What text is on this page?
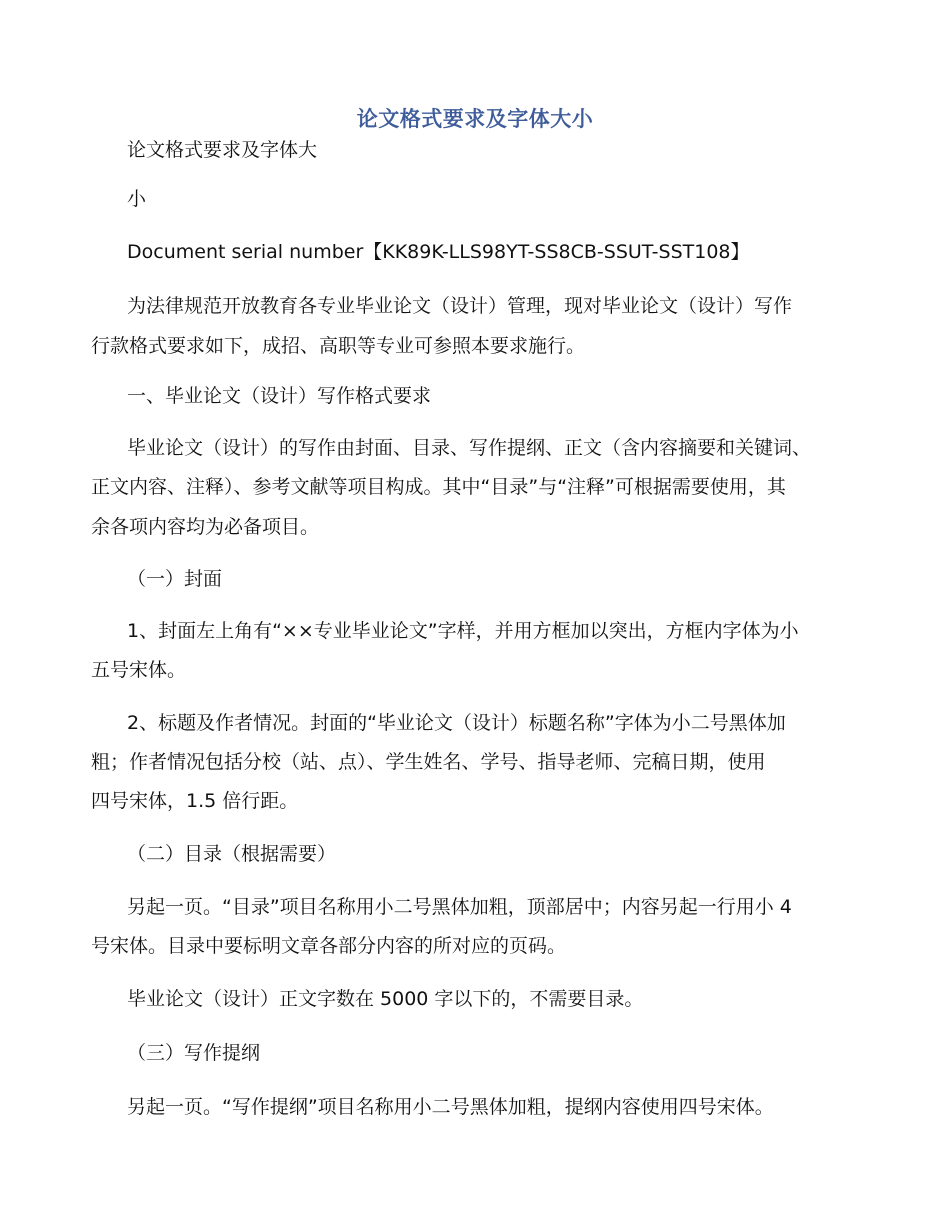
论文格式要求及字体大小
论文格式要求及字体大
小
Document serial number【KK89K-LLS98YT-SS8CB-SSUT-SST108】
为法律规范开放教育各专业毕业论文（设计）管理，现对毕业论文（设计）写作
行款格式要求如下，成招、高职等专业可参照本要求施行。
一、毕业论文（设计）写作格式要求
毕业论文（设计）的写作由封面、目录、写作提纲、正文（含内容摘要和关键词、
正文内容、注释）、参考文献等项目构成。其中“目录”与“注释”可根据需要使用，其
余各项内容均为必备项目。
（一）封面
1、封面左上角有“××专业毕业论文”字样，并用方框加以突出，方框内字体为小
五号宋体。
2、标题及作者情况。封面的“毕业论文（设计）标题名称”字体为小二号黑体加
粗；作者情况包括分校（站、点）、学生姓名、学号、指导老师、完稿日期，使用
四号宋体，1.5 倍行距。
（二）目录（根据需要）
另起一页。“目录”项目名称用小二号黑体加粗，顶部居中；内容另起一行用小 4
号宋体。目录中要标明文章各部分内容的所对应的页码。
毕业论文（设计）正文字数在 5000 字以下的，不需要目录。
（三）写作提纲
另起一页。“写作提纲”项目名称用小二号黑体加粗，提纲内容使用四号宋体。
